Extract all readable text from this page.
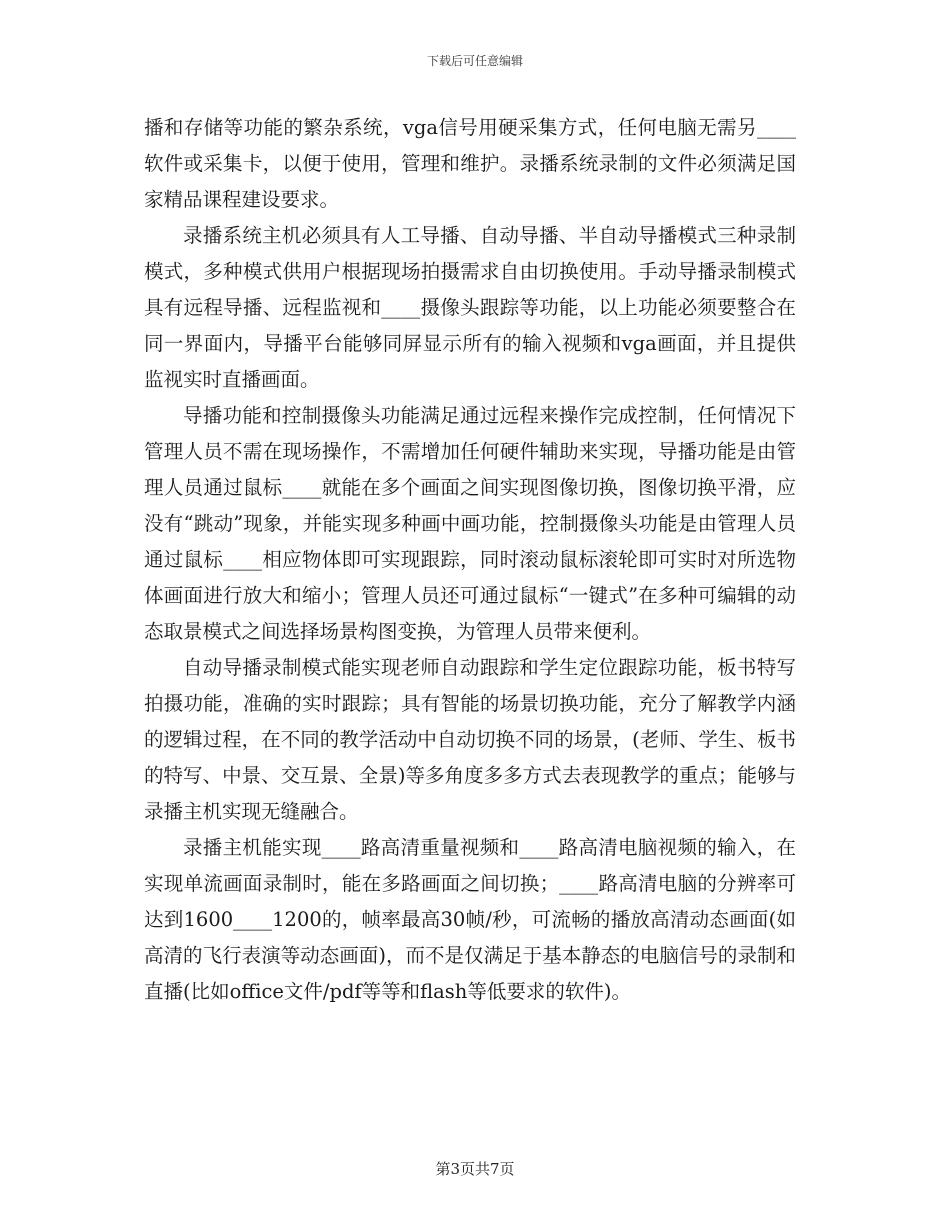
下载后可任意编辑

播和存储等功能的繁杂系统，vga信号用硬采集方式，任何电脑无需另____软件或采集卡，以便于使用，管理和维护。录播系统录制的文件必须满足国家精品课程建设要求。

录播系统主机必须具有人工导播、自动导播、半自动导播模式三种录制模式，多种模式供用户根据现场拍摄需求自由切换使用。手动导播录制模式具有远程导播、远程监视和____摄像头跟踪等功能，以上功能必须要整合在同一界面内，导播平台能够同屏显示所有的输入视频和vga画面，并且提供监视实时直播画面。

导播功能和控制摄像头功能满足通过远程来操作完成控制，任何情况下管理人员不需在现场操作，不需增加任何硬件辅助来实现，导播功能是由管理人员通过鼠标____就能在多个画面之间实现图像切换，图像切换平滑，应没有“跳动”现象，并能实现多种画中画功能，控制摄像头功能是由管理人员通过鼠标____相应物体即可实现跟踪，同时滚动鼠标滚轮即可实时对所选物体画面进行放大和缩小；管理人员还可通过鼠标“一键式”在多种可编辑的动态取景模式之间选择场景构图变换，为管理人员带来便利。

自动导播录制模式能实现老师自动跟踪和学生定位跟踪功能，板书特写拍摄功能，准确的实时跟踪；具有智能的场景切换功能，充分了解教学内涵的逻辑过程，在不同的教学活动中自动切换不同的场景，(老师、学生、板书的特写、中景、交互景、全景)等多角度多多方式去表现教学的重点；能够与录播主机实现无缝融合。

录播主机能实现____路高清重量视频和____路高清电脑视频的输入，在实现单流画面录制时，能在多路画面之间切换；____路高清电脑的分辨率可达到1600____1200的，帧率最高30帧/秒，可流畅的播放高清动态画面(如高清的飞行表演等动态画面)，而不是仅满足于基本静态的电脑信号的录制和直播(比如office文件/pdf等等和flash等低要求的软件)。

第3页共7页
